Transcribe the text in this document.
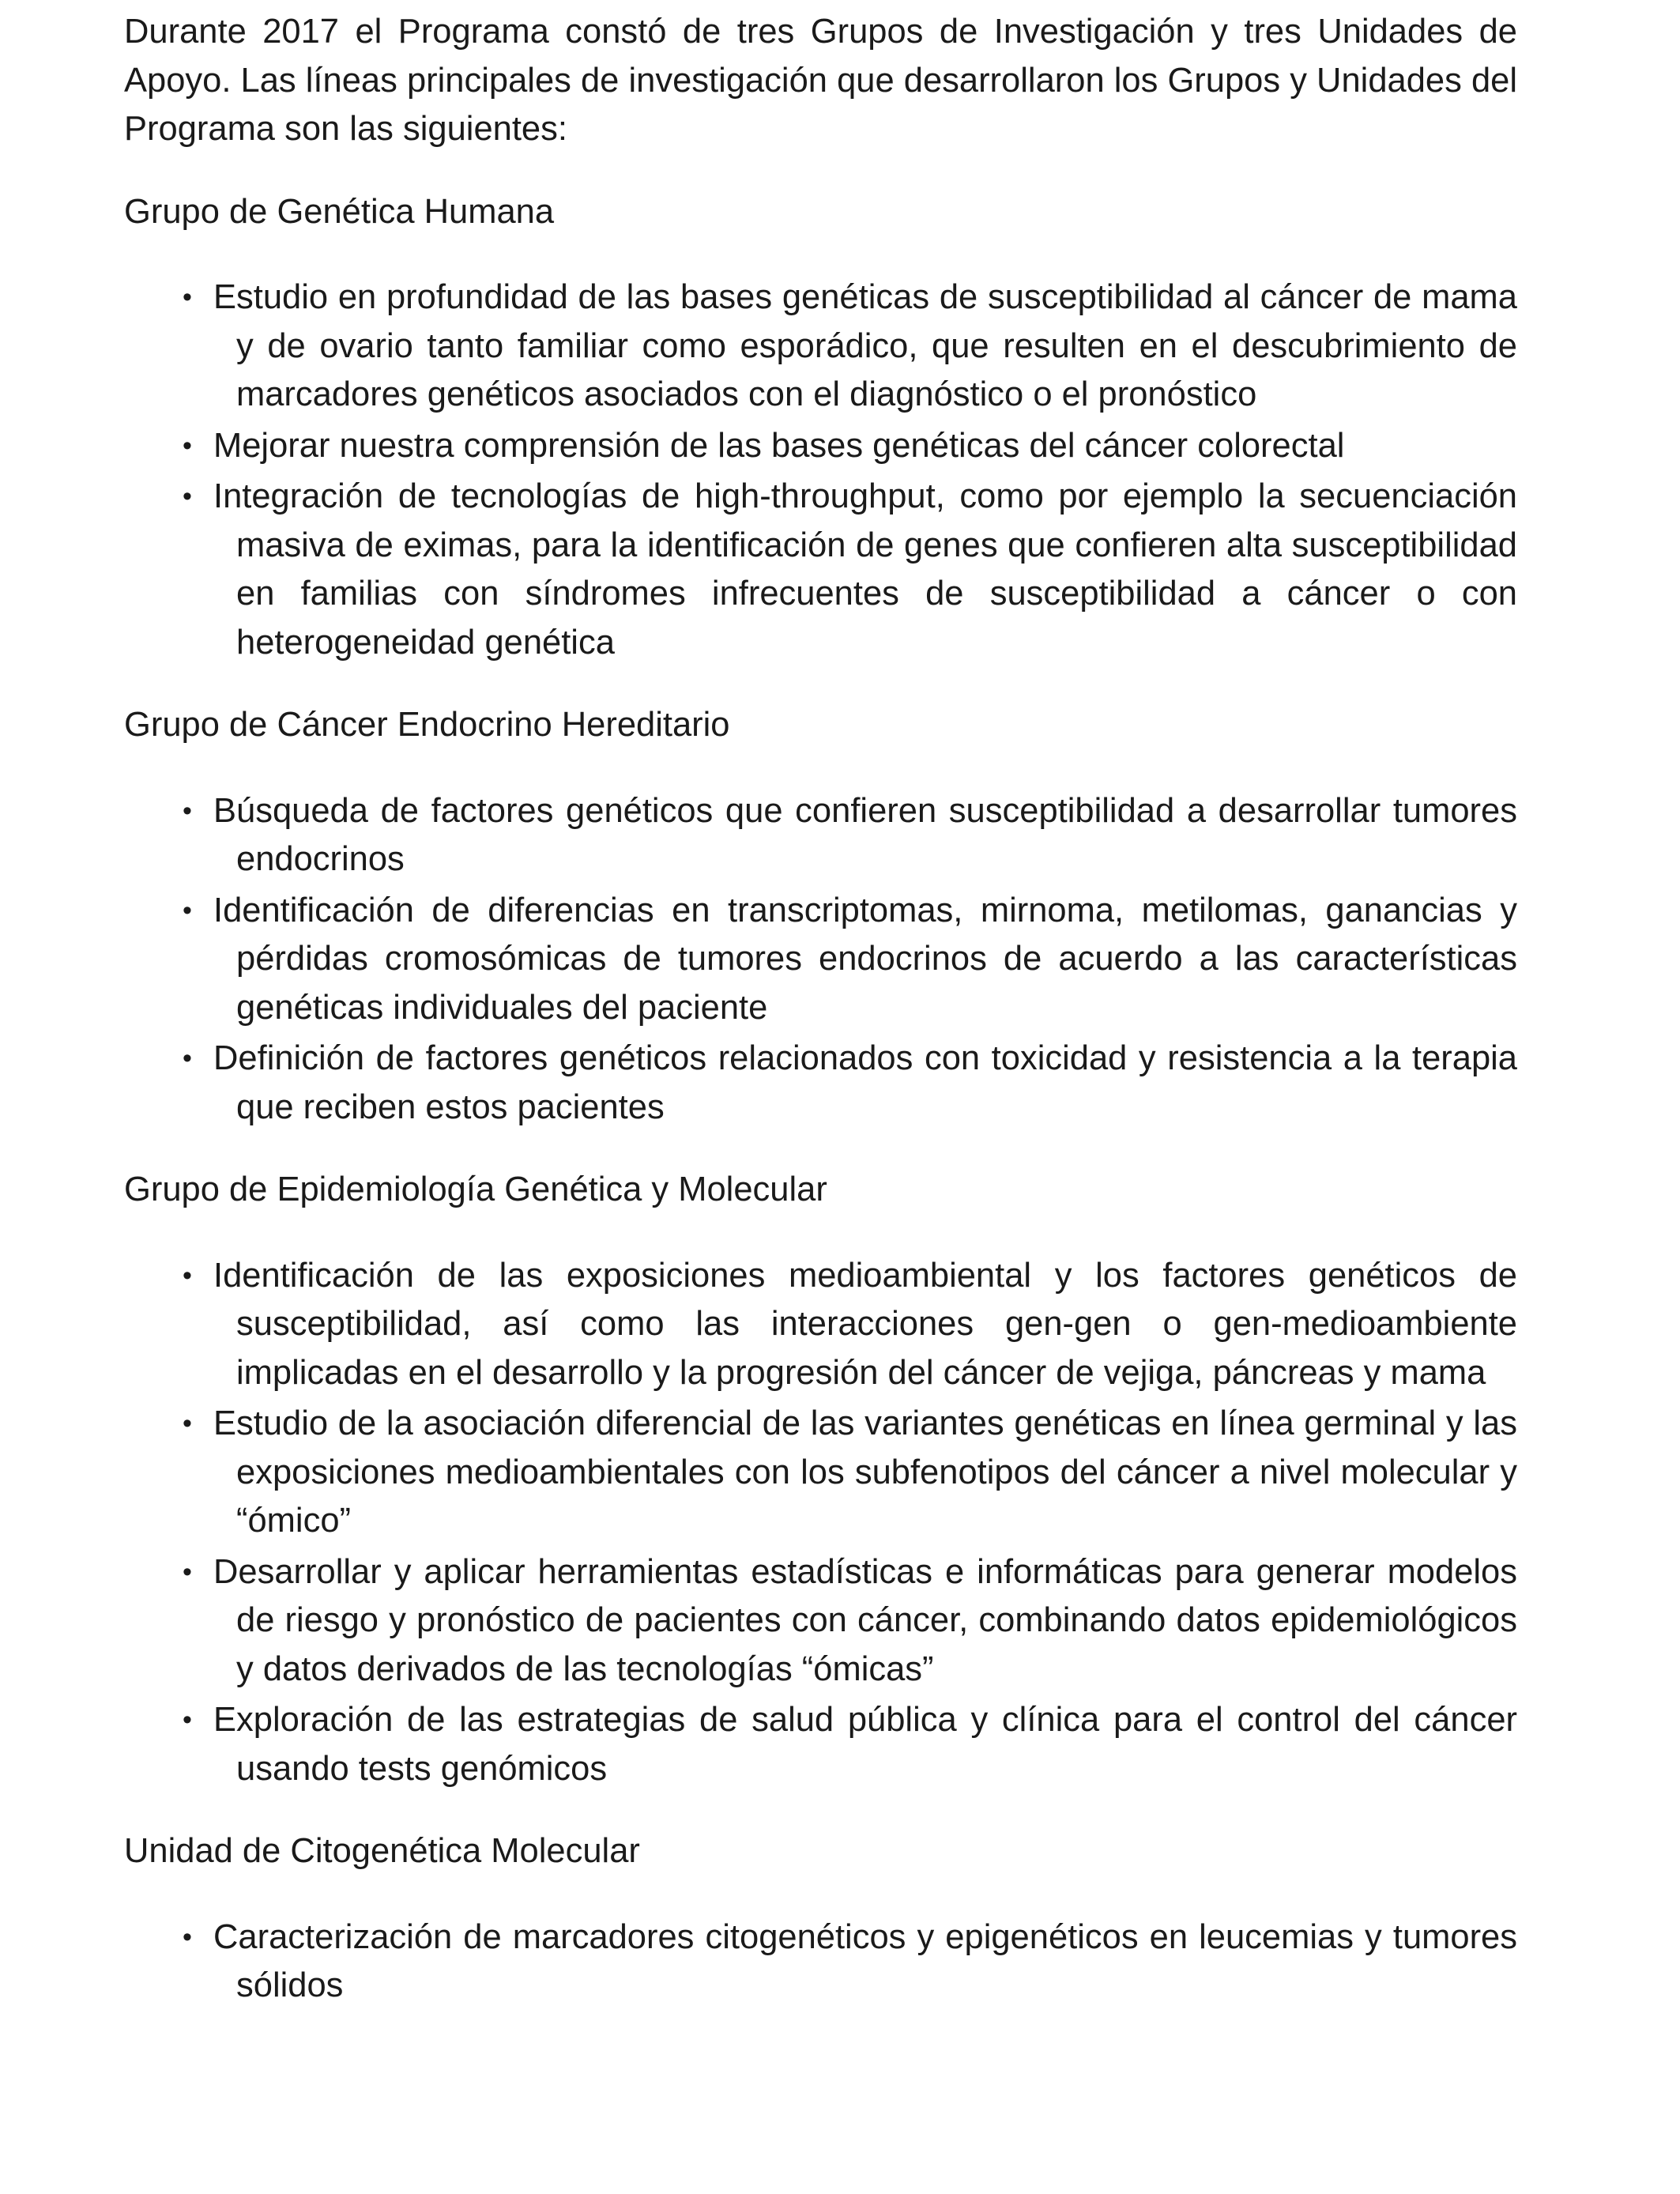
Durante 2017 el Programa constó de tres Grupos de Investigación y tres Unidades de Apoyo. Las líneas principales de investigación que desarrollaron los Grupos y Unidades del Programa son las siguientes:

Grupo de Genética Humana
•
Estudio en profundidad de las bases genéticas de susceptibilidad al cáncer de mama y de ovario tanto familiar como esporádico, que resulten en el descubrimiento de marcadores genéticos asociados con el diagnóstico o el pronóstico
•
Mejorar nuestra comprensión de las bases genéticas del cáncer colorectal
•
Integración de tecnologías de high-throughput, como por ejemplo la secuenciación masiva de eximas, para la identificación de genes que confieren alta susceptibilidad en familias con síndromes infrecuentes de susceptibilidad a cáncer o con heterogeneidad genética
Grupo de Cáncer Endocrino Hereditario
•
Búsqueda de factores genéticos que confieren susceptibilidad a desarrollar tumores endocrinos
•
Identificación de diferencias en transcriptomas, mirnoma, metilomas, ganancias y pérdidas cromosómicas de tumores endocrinos de acuerdo a las características genéticas individuales del paciente
•
Definición de factores genéticos relacionados con toxicidad y resistencia a la terapia que reciben estos pacientes
Grupo de Epidemiología Genética y Molecular
•
Identificación de las exposiciones medioambiental y los factores genéticos de susceptibilidad, así como las interacciones gen-gen o gen-medioambiente implicadas en el desarrollo y la progresión del cáncer de vejiga, páncreas y mama
•
Estudio de la asociación diferencial de las variantes genéticas en línea germinal y las exposiciones medioambientales con los subfenotipos del cáncer a nivel molecular y “ómico”
•
Desarrollar y aplicar herramientas estadísticas e informáticas para generar modelos de riesgo y pronóstico de pacientes con cáncer, combinando datos epidemiológicos y datos derivados de las tecnologías “ómicas”
•
Exploración de las estrategias de salud pública y clínica para el control del cáncer usando tests genómicos
Unidad de Citogenética Molecular
•
Caracterización de marcadores citogenéticos y epigenéticos en leucemias y tumores sólidos
